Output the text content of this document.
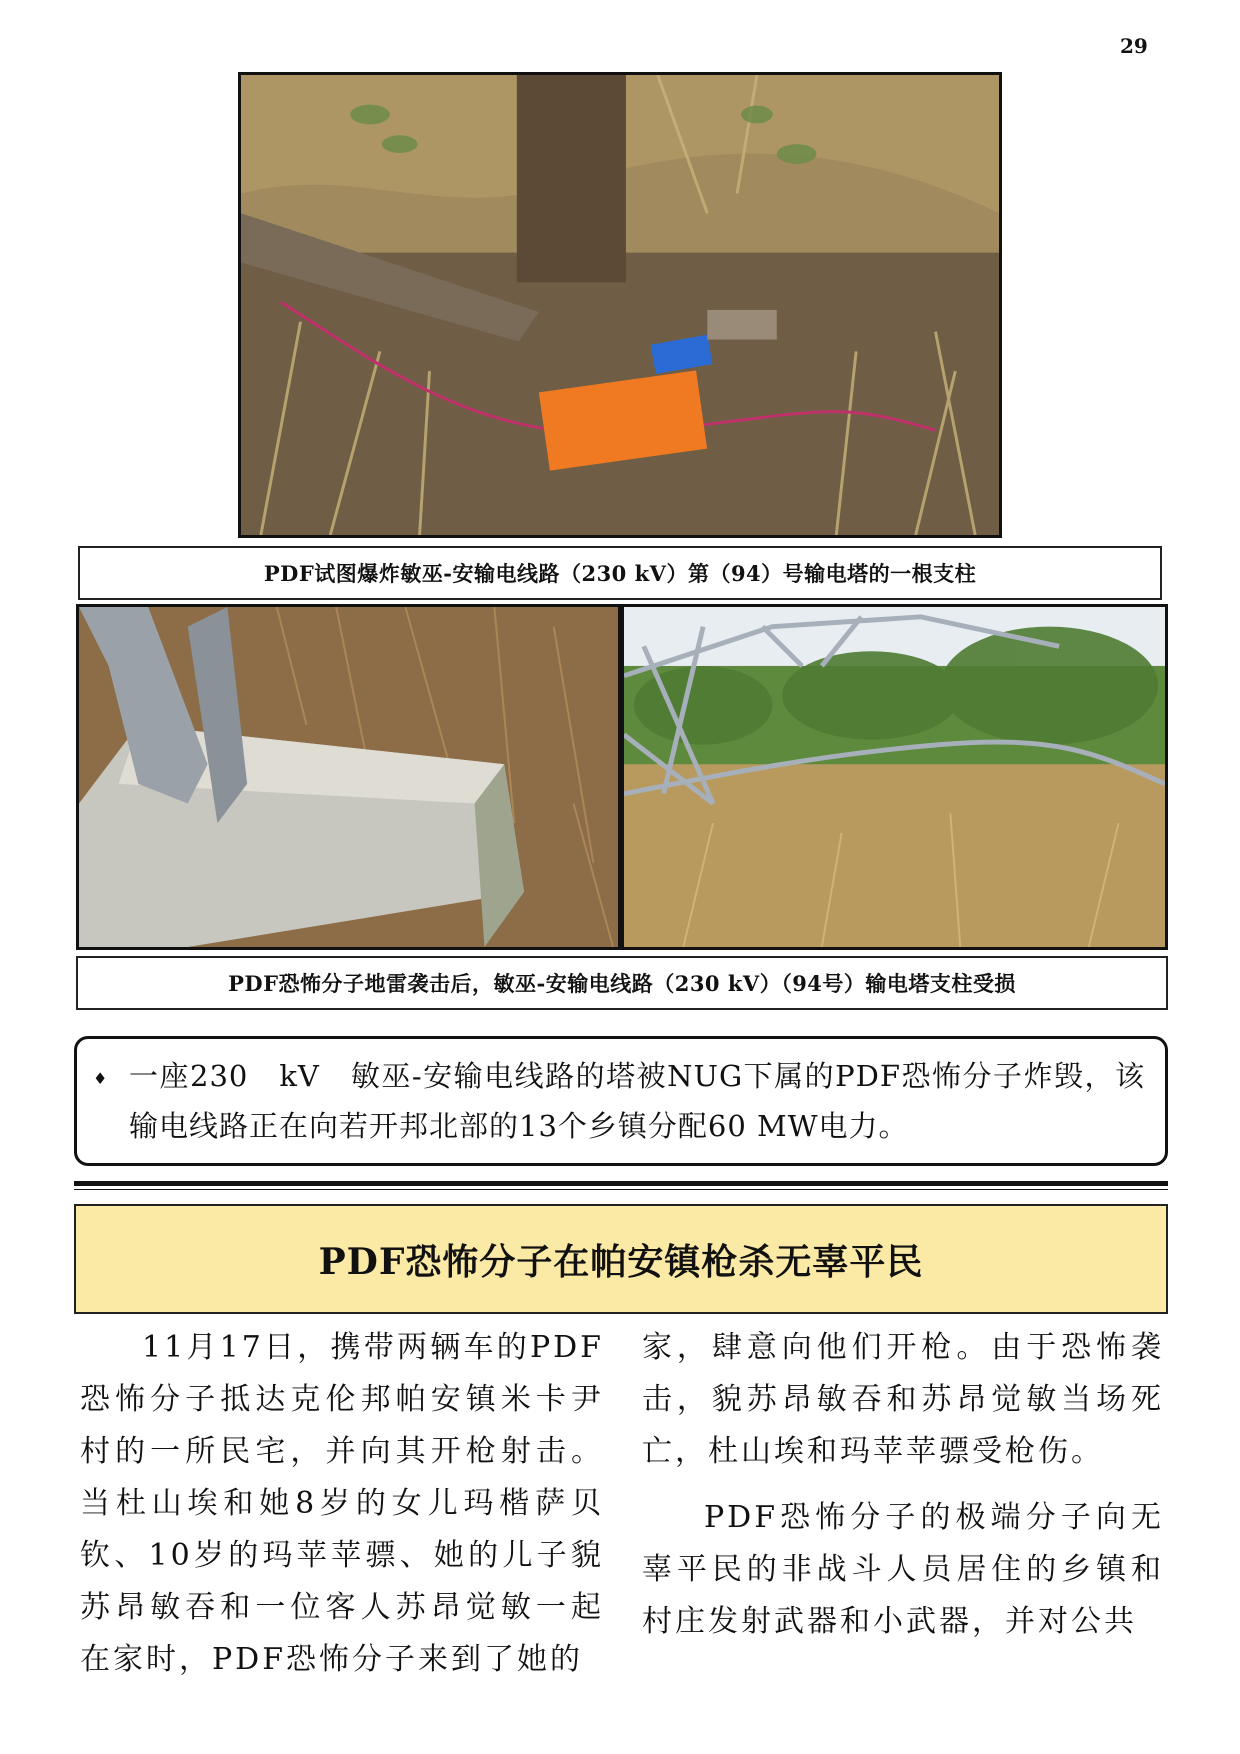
29
PDF试图爆炸敏巫-安输电线路（230 kV）第（94）号输电塔的一根支柱
PDF恐怖分子地雷袭击后，敏巫-安输电线路（230 kV）（94号）输电塔支柱受损
♦ 一座230　kV　敏巫-安输电线路的塔被NUG下属的PDF恐怖分子炸毁，该输电线路正在向若开邦北部的13个乡镇分配60 MW电力。
PDF恐怖分子在帕安镇枪杀无辜平民

11月17日，携带两辆车的PDF恐怖分子抵达克伦邦帕安镇米卡尹村的一所民宅，并向其开枪射击。当杜山埃和她8岁的女儿玛楷萨贝钦、10岁的玛苹苹骠、她的儿子貌苏昂敏吞和一位客人苏昂觉敏一起在家时，PDF恐怖分子来到了她的

家，肆意向他们开枪。由于恐怖袭击，貌苏昂敏吞和苏昂觉敏当场死亡，杜山埃和玛苹苹骠受枪伤。

PDF恐怖分子的极端分子向无辜平民的非战斗人员居住的乡镇和村庄发射武器和小武器，并对公共
